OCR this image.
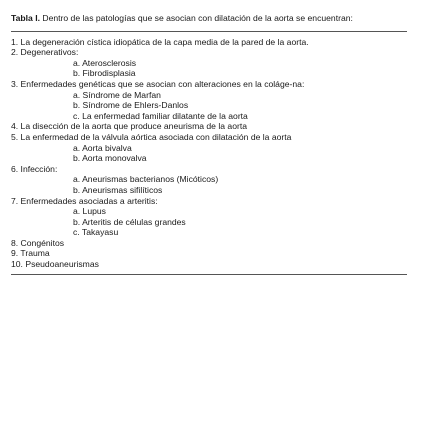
Tabla I. Dentro de las patologías que se asocian con dilatación de la aorta se encuentran:

1. La degeneración cística idiopática de la capa media de la pared de la aorta.
2. Degenerativos:
a. Aterosclerosis
b. Fibrodisplasia
3. Enfermedades genéticas que se asocian con alteraciones en la coláge-na:
a. Síndrome de Marfan
b. Síndrome de Ehlers-Danlos
c. La enfermedad familiar dilatante de la aorta
4. La disección de la aorta que produce aneurisma de la aorta
5. La enfermedad de la válvula aórtica asociada con dilatación de la aorta
a. Aorta bivalva
b. Aorta monovalva
6. Infección:
a. Aneurismas bacterianos (Micóticos)
b. Aneurismas sifilíticos
7. Enfermedades asociadas a arteritis:
a. Lupus
b. Arteritis de células grandes
c. Takayasu
8. Congénitos
9. Trauma
10. Pseudoaneurismas
